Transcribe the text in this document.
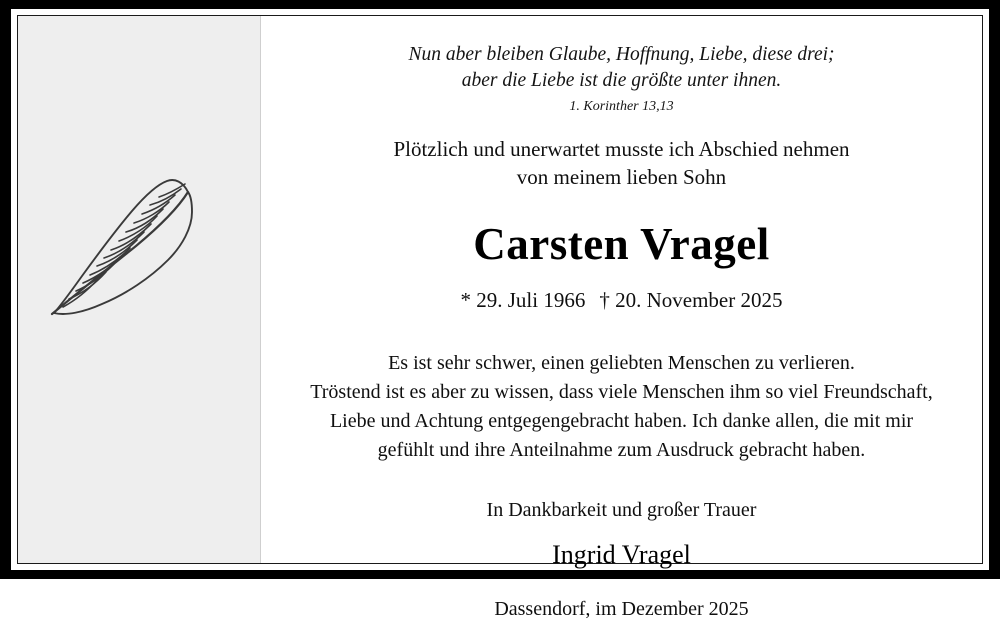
Nun aber bleiben Glaube, Hoffnung, Liebe, diese drei;
aber die Liebe ist die größte unter ihnen.
1. Korinther 13,13
Plötzlich und unerwartet musste ich Abschied nehmen
von meinem lieben Sohn
Carsten Vragel
* 29. Juli 1966 † 20. November 2025
Es ist sehr schwer, einen geliebten Menschen zu verlieren.
Tröstend ist es aber zu wissen, dass viele Menschen ihm so viel Freundschaft,
Liebe und Achtung entgegengebracht haben. Ich danke allen, die mit mir
gefühlt und ihre Anteilnahme zum Ausdruck gebracht haben.
In Dankbarkeit und großer Trauer
Ingrid Vragel
Dassendorf, im Dezember 2025
